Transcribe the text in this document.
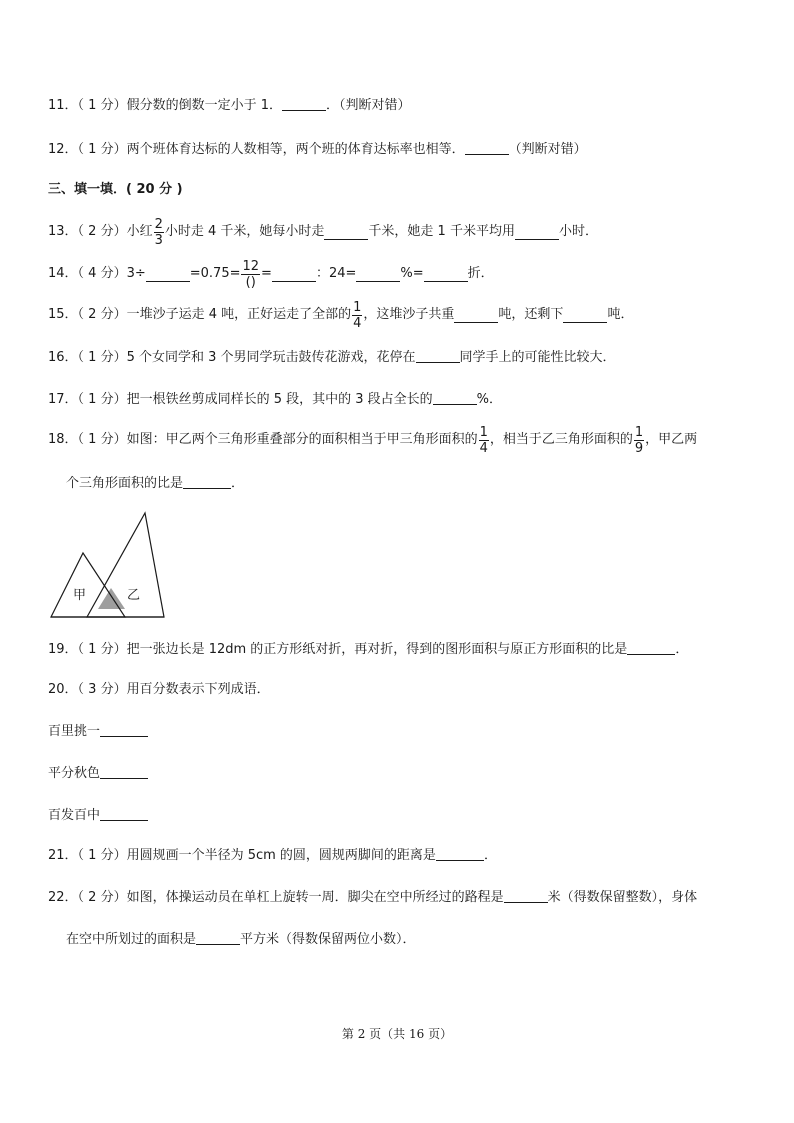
11．（ 1 分）假分数的倒数一定小于 1．	．（判断对错）
12．（ 1 分）两个班体育达标的人数相等，两个班的体育达标率也相等．	（判断对错）
三、填一填．( 20 分 )
13．（ 2 分）小红 $\frac{2}{3}$ 小时走 4 千米，她每小时走	千米，她走 1 千米平均用	小时．
14．（ 4 分）3÷	$=0.75= \frac{12}{()}$ =	：24=	%=	折．
15．（ 2 分）一堆沙子运走 4 吨，正好运走了全部的 $\frac{1}{4}$ ，这堆沙子共重	吨，还剩下	吨．
16．（ 1 分）5 个女同学和 3 个男同学玩击鼓传花游戏，花停在	同学手上的可能性比较大．
17．（ 1 分）把一根铁丝剪成同样长的 5 段，其中的 3 段占全长的	%．
18．（ 1 分）如图：甲乙两个三角形重叠部分的面积相当于甲三角形面积的 $\frac{1}{4}$ ，相当于乙三角形面积的 $\frac{1}{9}$ ，甲乙两
个三角形面积的比是	．
甲	乙
19．（ 1 分）把一张边长是 12dm 的正方形纸对折，再对折，得到的图形面积与原正方形面积的比是	．
20．（ 3 分）用百分数表示下列成语．
百里挑一
平分秋色
百发百中
21．（ 1 分）用圆规画一个半径为 5cm 的圆，圆规两脚间的距离是	．
22．（ 2 分）如图，体操运动员在单杠上旋转一周．脚尖在空中所经过的路程是	米（得数保留整数），身体
在空中所划过的面积是	平方米（得数保留两位小数）．
第 2 页（共 16 页）
